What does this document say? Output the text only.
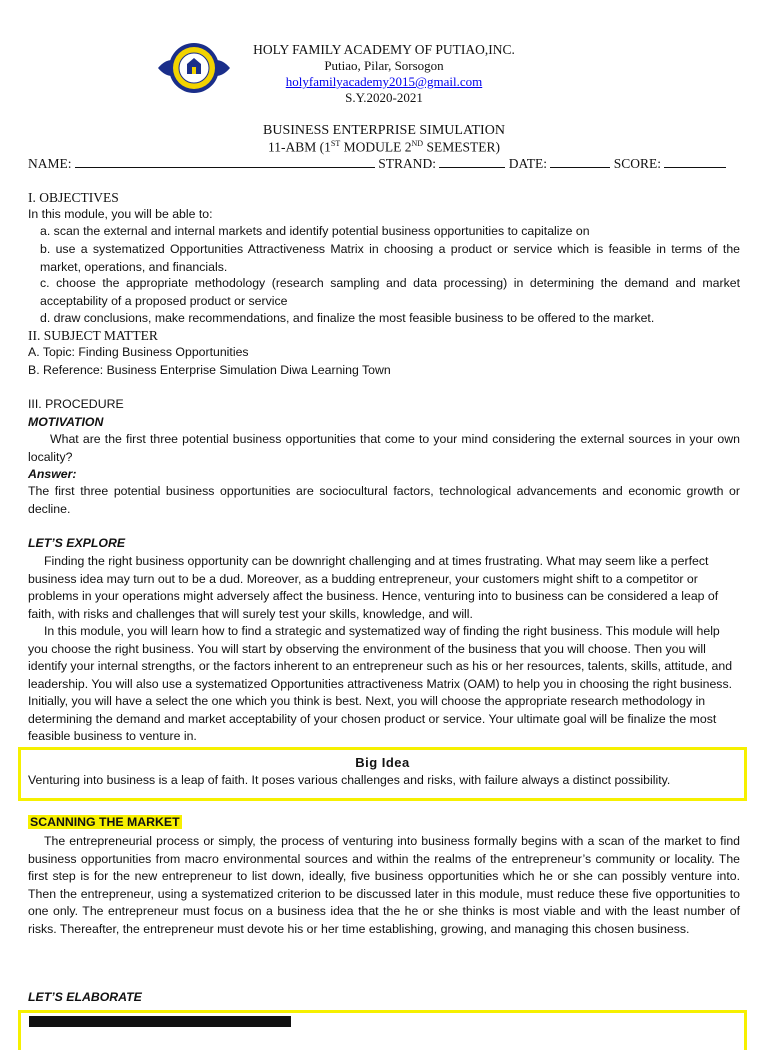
HOLY FAMILY ACADEMY OF PUTIAO,INC.
Putiao, Pilar, Sorsogon
holyfamilyacademy2015@gmail.com
S.Y.2020-2021
BUSINESS ENTERPRISE SIMULATION
11-ABM (1ST MODULE 2ND SEMESTER)
NAME:	STRAND:	DATE:	SCORE:
I. OBJECTIVES
In this module, you will be able to:
a. scan the external and internal markets and identify potential business opportunities to capitalize on
b. use a systematized Opportunities Attractiveness Matrix in choosing a product or service which is feasible in terms of the market, operations, and financials.
c. choose the appropriate methodology (research sampling and data processing) in determining the demand and market acceptability of a proposed product or service
d. draw conclusions, make recommendations, and finalize the most feasible business to be offered to the market.
II. SUBJECT MATTER
A. Topic: Finding Business Opportunities
B. Reference: Business Enterprise Simulation Diwa Learning Town
III. PROCEDURE
MOTIVATION
What are the first three potential business opportunities that come to your mind considering the external sources in your own locality?
Answer:
The first three potential business opportunities are sociocultural factors, technological advancements and economic growth or decline.
LET’S EXPLORE
Finding the right business opportunity can be downright challenging and at times frustrating. What may seem like a perfect business idea may turn out to be a dud. Moreover, as a budding entrepreneur, your customers might shift to a competitor or problems in your operations might adversely affect the business. Hence, venturing into to business can be considered a leap of faith, with risks and challenges that will surely test your skills, knowledge, and will.
In this module, you will learn how to find a strategic and systematized way of finding the right business. This module will help you choose the right business. You will start by observing the environment of the business that you will choose. Then you will identify your internal strengths, or the factors inherent to an entrepreneur such as his or her resources, talents, skills, attitude, and leadership. You will also use a systematized Opportunities attractiveness Matrix (OAM) to help you in choosing the right business. Initially, you will have a select the one which you think is best. Next, you will choose the appropriate research methodology in determining the demand and market acceptability of your chosen product or service. Your ultimate goal will be finalize the most feasible business to venture in.
Big Idea
Venturing into business is a leap of faith. It poses various challenges and risks, with failure always a distinct possibility.
SCANNING THE MARKET
The entrepreneurial process or simply, the process of venturing into business formally begins with a scan of the market to find business opportunities from macro environmental sources and within the realms of the entrepreneur’s community or locality. The first step is for the new entrepreneur to list down, ideally, five business opportunities which he or she can possibly venture into. Then the entrepreneur, using a systematized criterion to be discussed later in this module, must reduce these five opportunities to one only. The entrepreneur must focus on a business idea that the he or she thinks is most viable and with the least number of risks. Thereafter, the entrepreneur must devote his or her time establishing, growing, and managing this chosen business.
LET’S ELABORATE
